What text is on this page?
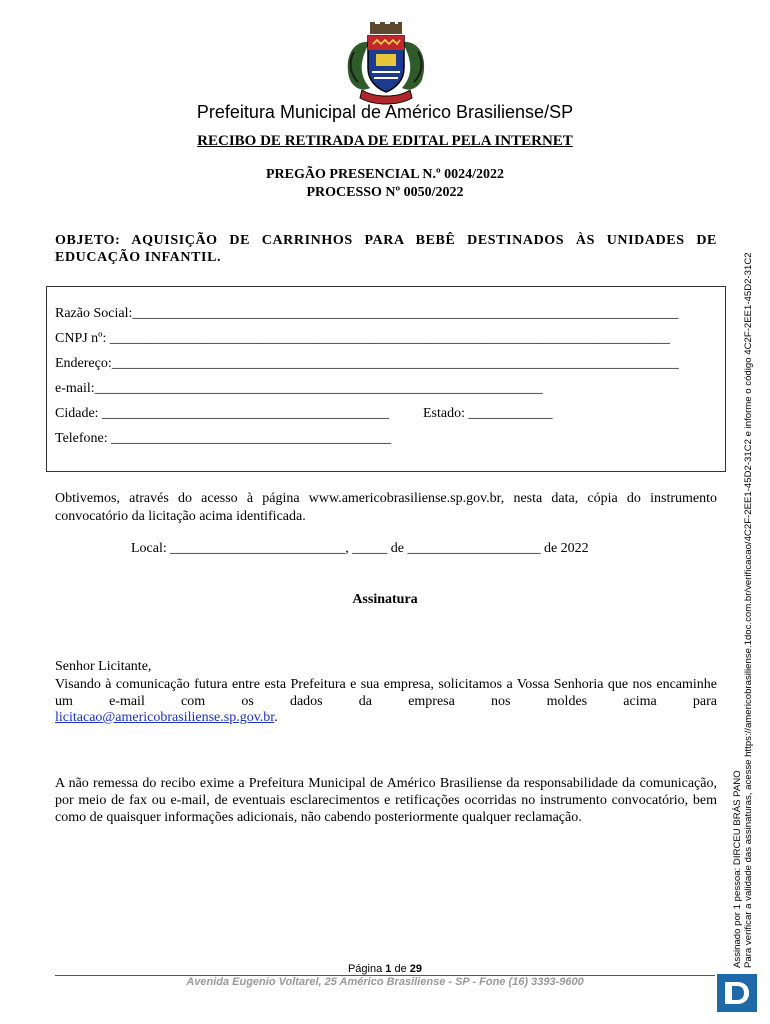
Prefeitura Municipal de Américo Brasiliense/SP
RECIBO DE RETIRADA DE EDITAL PELA INTERNET
PREGÃO PRESENCIAL N.º 0024/2022
PROCESSO Nº 0050/2022
OBJETO: AQUISIÇÃO DE CARRINHOS PARA BEBÊ DESTINADOS ÀS UNIDADES DE EDUCAÇÃO INFANTIL.
Razão Social:______________________________________________________________________________
CNPJ nº: ________________________________________________________________________________
Endereço:_________________________________________________________________________________
e-mail:________________________________________________________________
Cidade: _________________________________________ Estado: ____________
Telefone: ________________________________________
Obtivemos, através do acesso à página www.americobrasiliense.sp.gov.br, nesta data, cópia do instrumento convocatório da licitação acima identificada.
Local: _________________________, _____ de ___________________ de 2022
Assinatura
Senhor Licitante,
Visando à comunicação futura entre esta Prefeitura e sua empresa, solicitamos a Vossa Senhoria que nos encaminhe um e-mail com os dados da empresa nos moldes acima para
licitacao@americobrasiliense.sp.gov.br.
A não remessa do recibo exime a Prefeitura Municipal de Américo Brasiliense da responsabilidade da comunicação, por meio de fax ou e-mail, de eventuais esclarecimentos e retificações ocorridas no instrumento convocatório, bem como de quaisquer informações adicionais, não cabendo posteriormente qualquer reclamação.
Página 1 de 29
Avenida Eugenio Voltarel, 25 Américo Brasiliense - SP - Fone (16) 3393-9600
Assinado por 1 pessoa: DIRCEU BRÁS PANO Para verificar a validade das assinaturas, acesse https://americobrasiliense.1doc.com.br/verificacao/4C2F-2EE1-45D2-31C2 e informe o código 4C2F-2EE1-45D2-31C2
